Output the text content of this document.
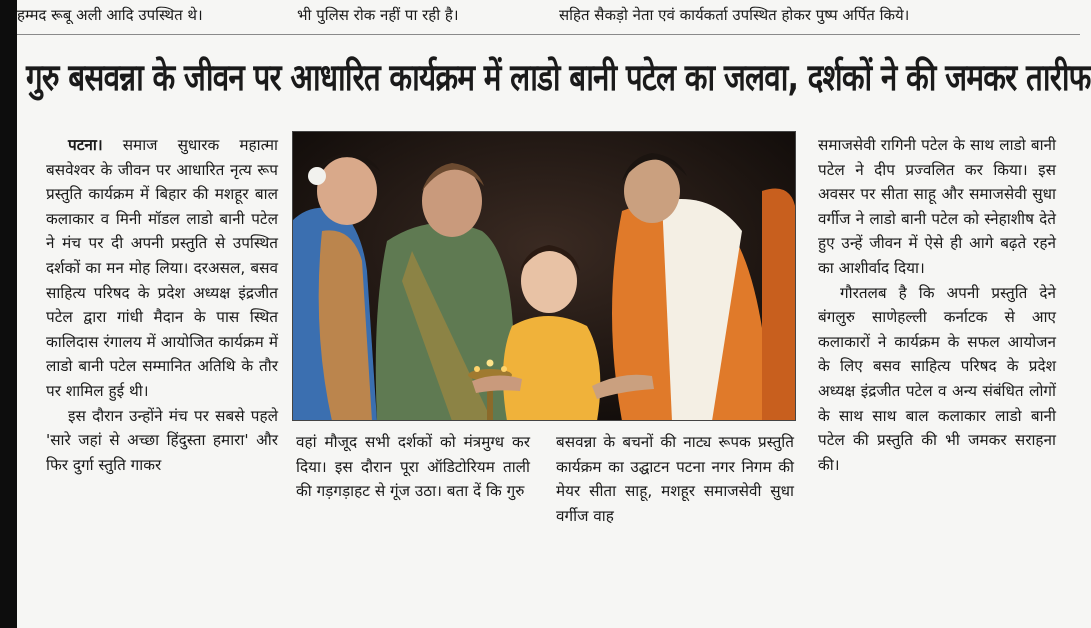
हम्मद रूबू अली आदि उपस्थित थे।	भी पुलिस रोक नहीं पा रही है।	सहित सैकड़ो नेता एवं कार्यकर्ता उपस्थित होकर पुष्प अर्पित किये।
गुरु बसवन्ना के जीवन पर आधारित कार्यक्रम में लाडो बानी पटेल का जलवा, दर्शकों ने की जमकर तारीफ

पटना। समाज सुधारक महात्मा बसवेश्वर के जीवन पर आधारित नृत्य रूप प्रस्तुति कार्यक्रम में बिहार की मशहूर बाल कलाकार व मिनी मॉडल लाडो बानी पटेल ने मंच पर दी अपनी प्रस्तुति से उपस्थित दर्शकों का मन मोह लिया। दरअसल, बसव साहित्य परिषद के प्रदेश अध्यक्ष इंद्रजीत पटेल द्वारा गांधी मैदान के पास स्थित कालिदास रंगालय में आयोजित कार्यक्रम में लाडो बानी पटेल सम्मानित अतिथि के तौर पर शामिल हुई थी।

इस दौरान उन्होंने मंच पर सबसे पहले 'सारे जहां से अच्छा हिंदुस्ता हमारा' और फिर दुर्गा स्तुति गाकर

वहां मौजूद सभी दर्शकों को मंत्रमुग्ध कर दिया। इस दौरान पूरा ऑडिटोरियम ताली की गड़गड़ाहट से गूंज उठा। बता दें कि गुरु

बसवन्ना के बचनों की नाट्य रूपक प्रस्तुति कार्यक्रम का उद्घाटन पटना नगर निगम की मेयर सीता साहू, मशहूर समाजसेवी सुधा वर्गीज वाह

समाजसेवी रागिनी पटेल के साथ लाडो बानी पटेल ने दीप प्रज्वलित कर किया। इस अवसर पर सीता साहू और समाजसेवी सुधा वर्गीज ने लाडो बानी पटेल को स्नेहाशीष देते हुए उन्हें जीवन में ऐसे ही आगे बढ़ते रहने का आशीर्वाद दिया।

गौरतलब है कि अपनी प्रस्तुति देने बंगलुरु साणेहल्ली कर्नाटक से आए कलाकारों ने कार्यक्रम के सफल आयोजन के लिए बसव साहित्य परिषद के प्रदेश अध्यक्ष इंद्रजीत पटेल व अन्य संबंधित लोगों के साथ साथ बाल कलाकार लाडो बानी पटेल की प्रस्तुति की भी जमकर सराहना की।
